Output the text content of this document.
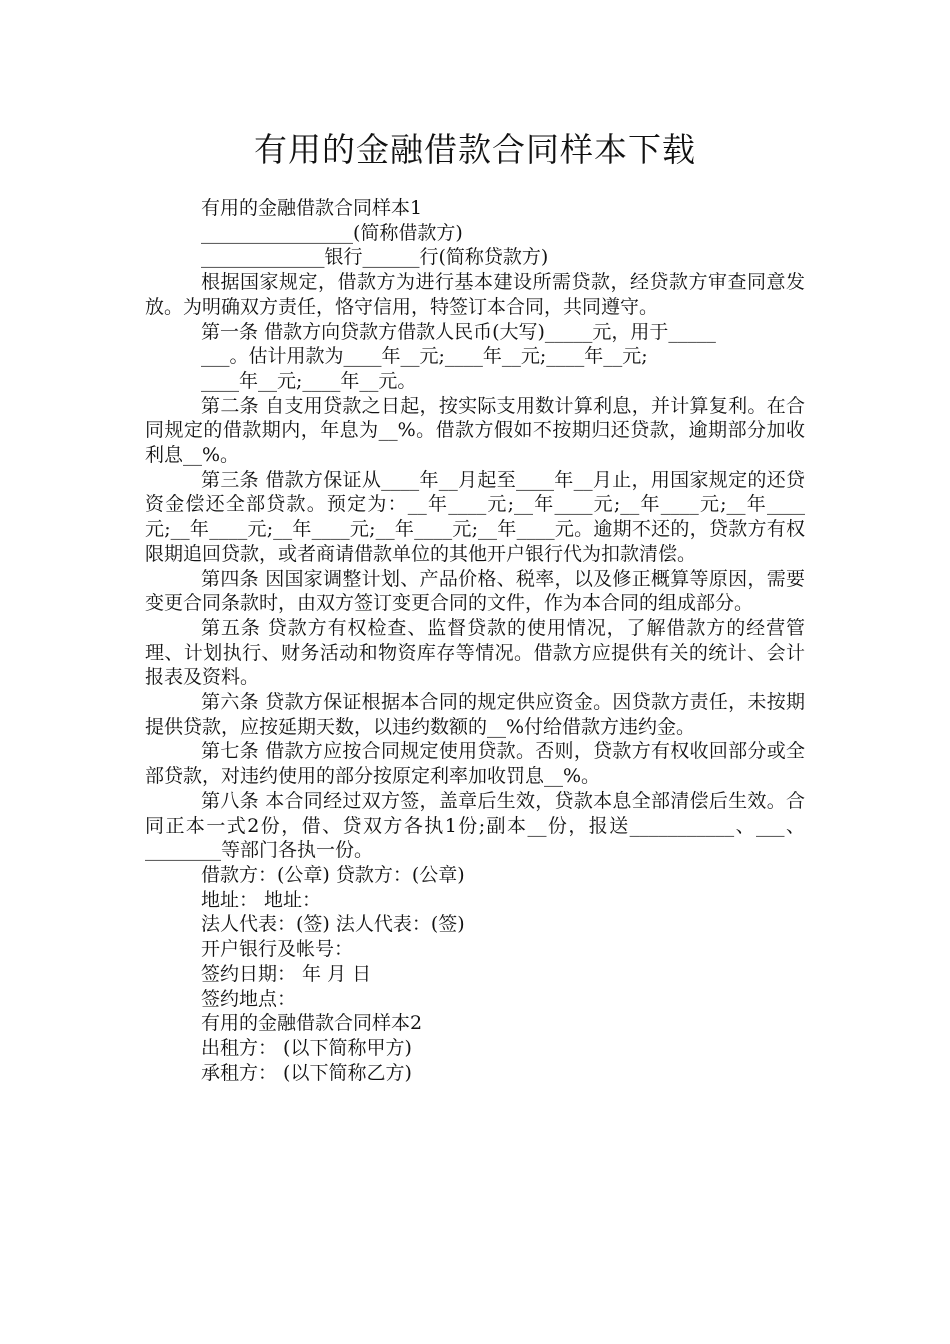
有用的金融借款合同样本下载
有用的金融借款合同样本1
________________(简称借款方)
_____________银行______行(简称贷款方)

根据国家规定，借款方为进行基本建设所需贷款，经贷款方审查同意发放。为明确双方责任，恪守信用，特签订本合同，共同遵守。

第一条 借款方向贷款方借款人民币(大写)_____元，用于_____

___。估计用款为____年__元;____年__元;____年__元;
____年__元;____年__元。

第二条 自支用贷款之日起，按实际支用数计算利息，并计算复利。在合同规定的借款期内，年息为__%。借款方假如不按期归还贷款，逾期部分加收利息__%。

第三条 借款方保证从____年__月起至____年__月止，用国家规定的还贷资金偿还全部贷款。预定为：__年____元;__年____元;__年____元;__年____元;__年____元;__年____元;__年____元;__年____元。逾期不还的，贷款方有权限期追回贷款，或者商请借款单位的其他开户银行代为扣款清偿。

第四条 因国家调整计划、产品价格、税率，以及修正概算等原因，需要变更合同条款时，由双方签订变更合同的文件，作为本合同的组成部分。

第五条 贷款方有权检查、监督贷款的使用情况，了解借款方的经营管理、计划执行、财务活动和物资库存等情况。借款方应提供有关的统计、会计报表及资料。

第六条 贷款方保证根据本合同的规定供应资金。因贷款方责任，未按期提供贷款，应按延期天数，以违约数额的__%付给借款方违约金。

第七条 借款方应按合同规定使用贷款。否则，贷款方有权收回部分或全部贷款，对违约使用的部分按原定利率加收罚息__%。

第八条 本合同经过双方签，盖章后生效，贷款本息全部清偿后生效。合同正本一式2份，借、贷双方各执1份;副本__份，报送___________、___、________等部门各执一份。

借款方：(公章) 贷款方：(公章)
地址： 地址：
法人代表：(签) 法人代表：(签)
开户银行及帐号：
签约日期： 年 月 日
签约地点：
有用的金融借款合同样本2
出租方： (以下简称甲方)
承租方： (以下简称乙方)
